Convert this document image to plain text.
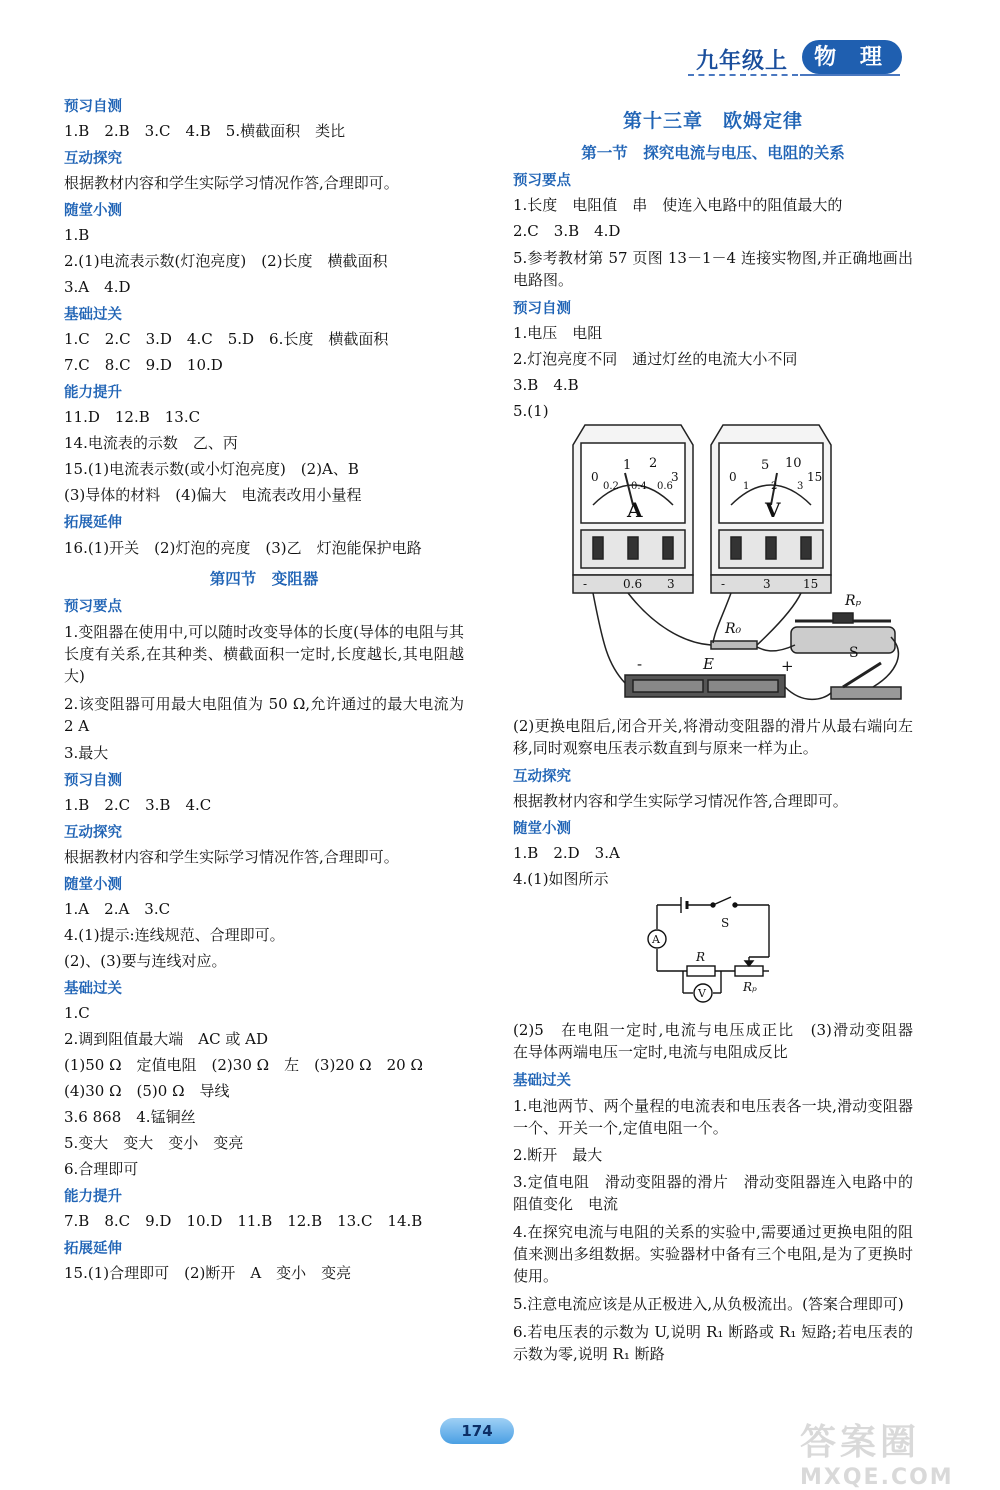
九年级上	物 理
预习自测
1.B　2.B　3.C　4.B　5.横截面积　类比
互动探究
根据教材内容和学生实际学习情况作答,合理即可。
随堂小测
1.B
2.(1)电流表示数(灯泡亮度)　(2)长度　横截面积
3.A　4.D
基础过关
1.C　2.C　3.D　4.C　5.D　6.长度　横截面积
7.C　8.C　9.D　10.D
能力提升
11.D　12.B　13.C
14.电流表的示数　乙、丙
15.(1)电流表示数(或小灯泡亮度)　(2)A、B
(3)导体的材料　(4)偏大　电流表改用小量程
拓展延伸
16.(1)开关　(2)灯泡的亮度　(3)乙　灯泡能保护电路
第四节　变阻器
预习要点
1.变阻器在使用中,可以随时改变导体的长度(导体的电阻与其长度有关系,在其种类、横截面积一定时,长度越长,其电阻越大)
2.该变阻器可用最大电阻值为 50 Ω,允许通过的最大电流为 2 A
3.最大
预习自测
1.B　2.C　3.B　4.C
互动探究
根据教材内容和学生实际学习情况作答,合理即可。
随堂小测
1.A　2.A　3.C
4.(1)提示:连线规范、合理即可。
(2)、(3)要与连线对应。
基础过关
1.C
2.调到阻值最大端　AC 或 AD
(1)50 Ω　定值电阻　(2)30 Ω　左　(3)20 Ω　20 Ω
(4)30 Ω　(5)0 Ω　导线
3.6 868　4.锰铜丝
5.变大　变大　变小　变亮
6.合理即可
能力提升
7.B　8.C　9.D　10.D　11.B　12.B　13.C　14.B
拓展延伸
15.(1)合理即可　(2)断开　A　变小　变亮
第十三章　欧姆定律
第一节　探究电流与电压、电阻的关系
预习要点
1.长度　电阻值　串　使连入电路中的阻值最大的
2.C　3.B　4.D
5.参考教材第 57 页图 13－1－4 连接实物图,并正确地画出电路图。
预习自测
1.电压　电阻
2.灯泡亮度不同　通过灯丝的电流大小不同
3.B　4.B
5.(1)
1 2
0	3
0.2 0.4 0.6
A
-	0.6 3
5 10
0	15
1 2 3
V
-	3	15
R₀
Rₚ
E
S
-	+
(2)更换电阻后,闭合开关,将滑动变阻器的滑片从最右端向左移,同时观察电压表示数直到与原来一样为止。
互动探究
根据教材内容和学生实际学习情况作答,合理即可。
随堂小测
1.B　2.D　3.A
4.(1)如图所示
S
R
Rₚ
A
V
(2)5　在电阻一定时,电流与电压成正比　(3)滑动变阻器　在导体两端电压一定时,电流与电阻成反比
基础过关
1.电池两节、两个量程的电流表和电压表各一块,滑动变阻器一个、开关一个,定值电阻一个。
2.断开　最大
3.定值电阻　滑动变阻器的滑片　滑动变阻器连入电路中的阻值变化　电流
4.在探究电流与电阻的关系的实验中,需要通过更换电阻的阻值来测出多组数据。实验器材中备有三个电阻,是为了更换时使用。
5.注意电流应该是从正极进入,从负极流出。(答案合理即可)
6.若电压表的示数为 U,说明 R₁ 断路或 R₁ 短路;若电压表的示数为零,说明 R₁ 断路
174	答案圈
MXQE.COM
